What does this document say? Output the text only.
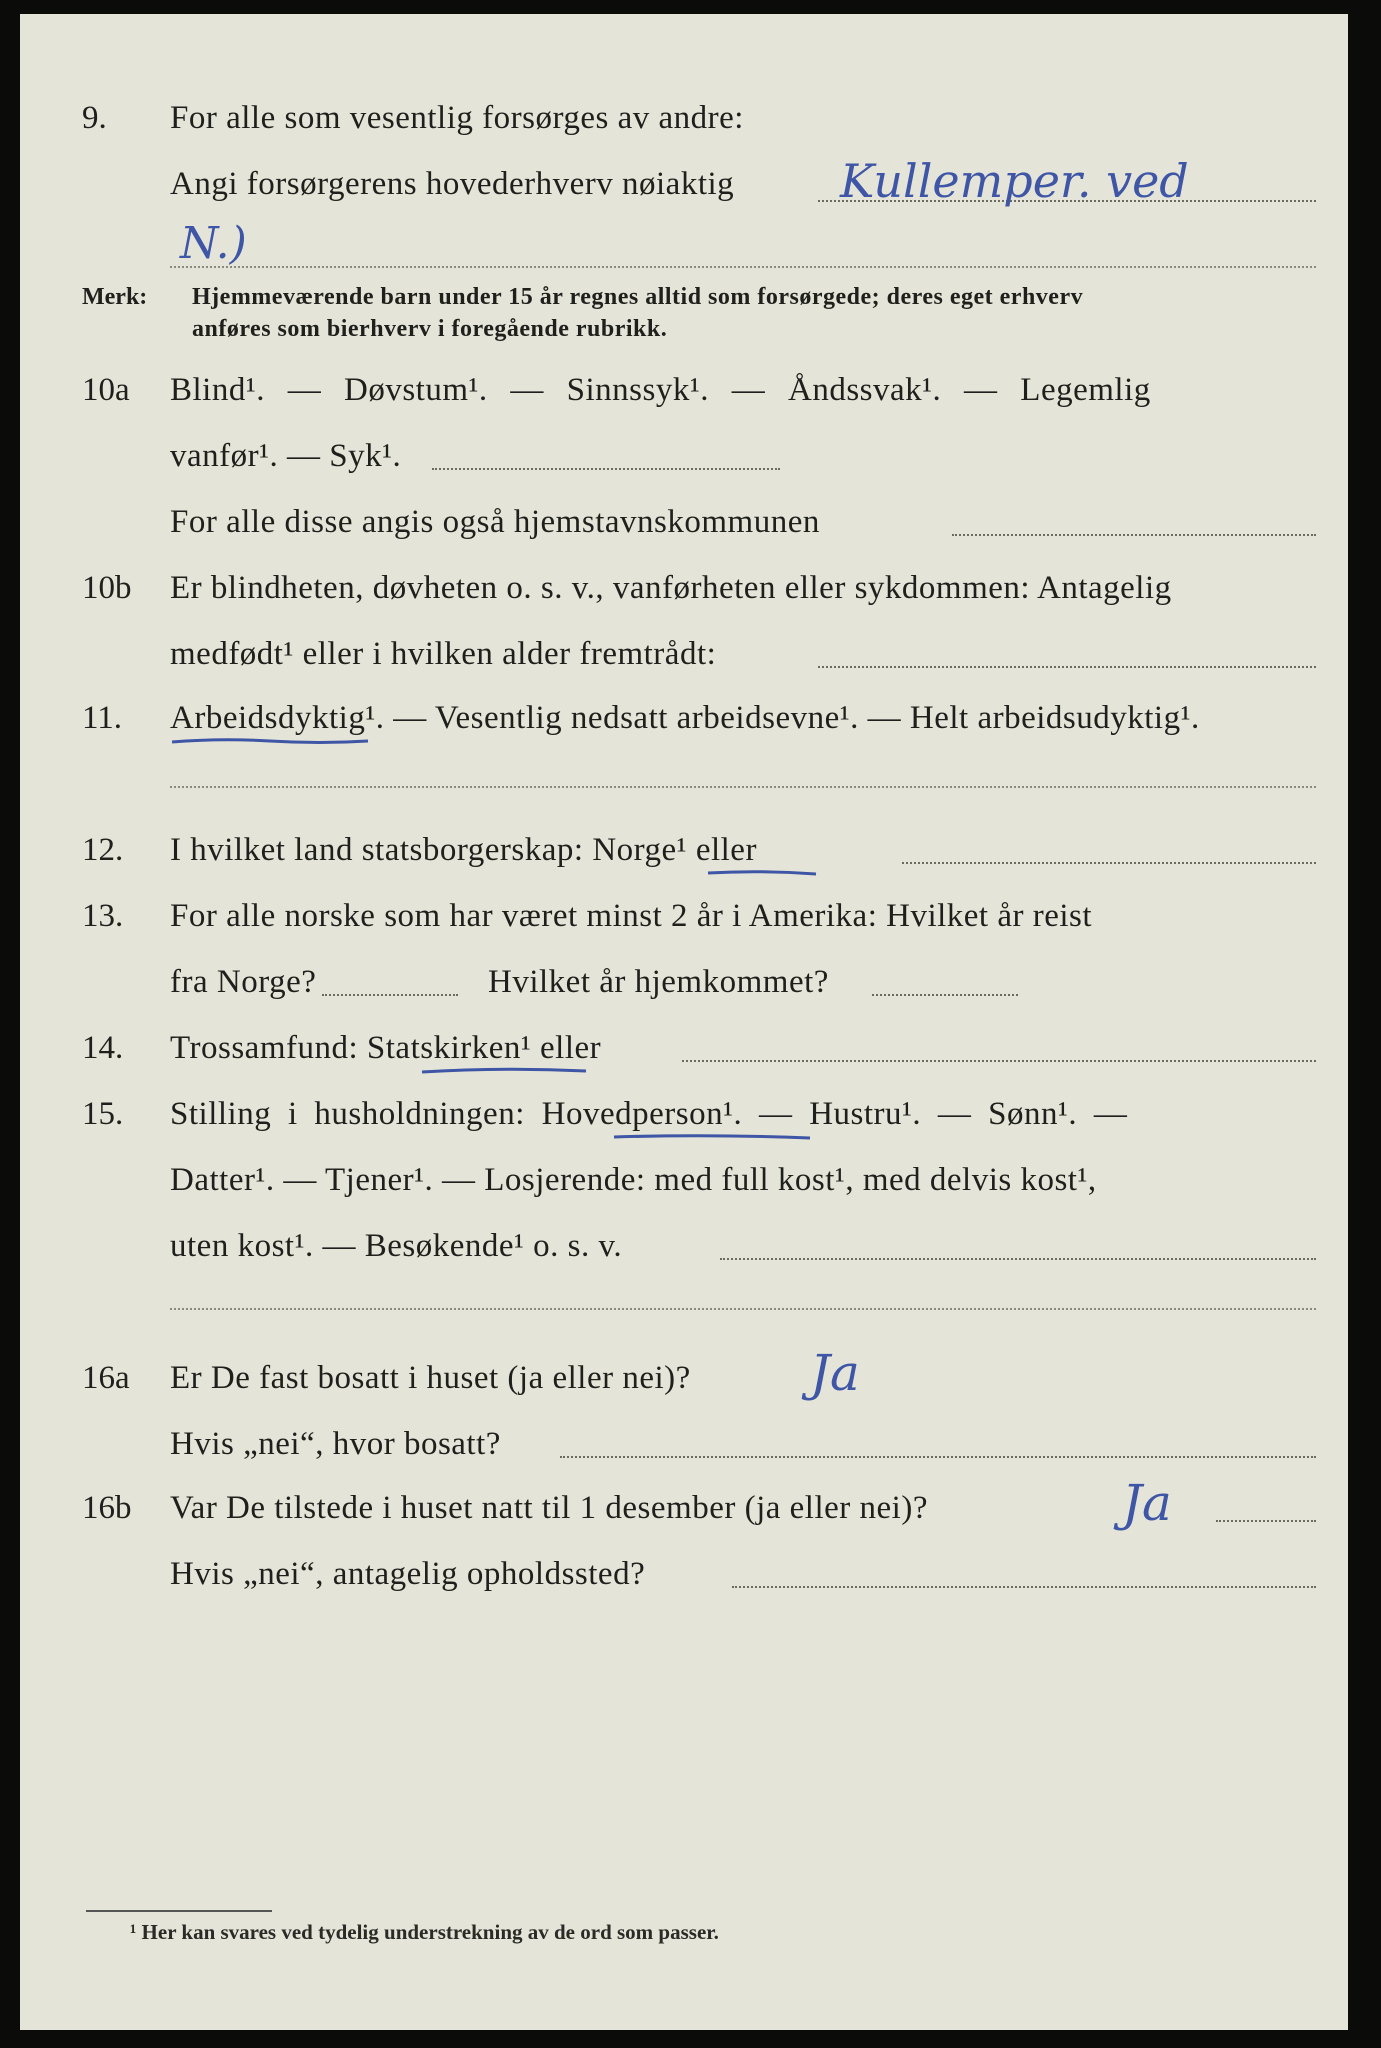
9. For alle som vesentlig forsørges av andre:
Angi forsørgerens hovederhverv nøiaktig Kullemper. ved
N.)
Merk: Hjemmeværende barn under 15 år regnes alltid som forsørgede; deres eget erhverv
anføres som bierhverv i foregående rubrikk.
10a Blind¹. — Døvstum¹. — Sinnssyk¹. — Åndssvak¹. — Legemlig
vanfør¹. — Syk¹.
For alle disse angis også hjemstavnskommunen
10b Er blindheten, døvheten o. s. v., vanførheten eller sykdommen: Antagelig
medfødt¹ eller i hvilken alder fremtrådt:
11. Arbeidsdyktig¹. — Vesentlig nedsatt arbeidsevne¹. — Helt arbeidsudyktig¹.
12. I hvilket land statsborgerskap: Norge¹ eller
13. For alle norske som har været minst 2 år i Amerika: Hvilket år reist
fra Norge?	Hvilket år hjemkommet?
14. Trossamfund: Statskirken¹ eller
15. Stilling i husholdningen: Hovedperson¹. — Hustru¹. — Sønn¹. —
Datter¹. — Tjener¹. — Losjerende: med full kost¹, med delvis kost¹,
uten kost¹. — Besøkende¹ o. s. v.
16a Er De fast bosatt i huset (ja eller nei)? Ja
Hvis „nei“, hvor bosatt?
16b Var De tilstede i huset natt til 1 desember (ja eller nei)?	Ja
Hvis „nei“, antagelig opholdssted?
¹ Her kan svares ved tydelig understrekning av de ord som passer.
